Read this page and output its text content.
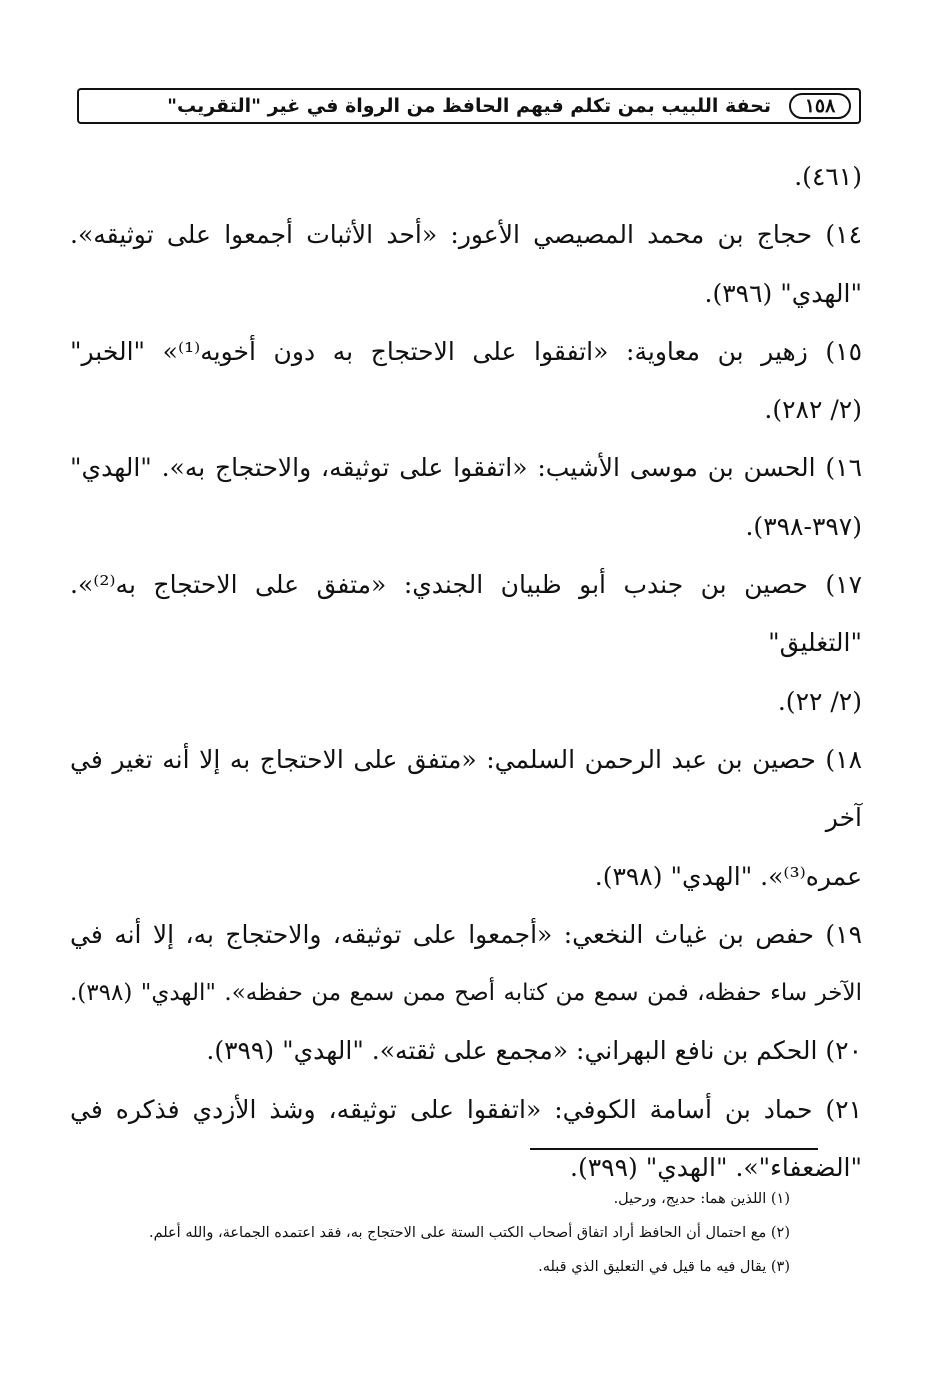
١٥٨
تحفة اللبيب بمن تكلم فيهم الحافظ من الرواة في غير "التقريب"
(٤٦١).
١٤) حجاج بن محمد المصيصي الأعور: «أحد الأثبات أجمعوا على توثيقه».
"الهدي" (٣٩٦).
١٥) زهير بن معاوية: «اتفقوا على الاحتجاج به دون أخويه⁽¹⁾» "الخبر"
(٢/ ٢٨٢).
١٦) الحسن بن موسى الأشيب: «اتفقوا على توثيقه، والاحتجاج به». "الهدي"
(٣٩٧-٣٩٨).
١٧) حصين بن جندب أبو ظبيان الجندي: «متفق على الاحتجاج به⁽²⁾». "التغليق"
(٢/ ٢٢).
١٨) حصين بن عبد الرحمن السلمي: «متفق على الاحتجاج به إلا أنه تغير في آخر
عمره⁽³⁾». "الهدي" (٣٩٨).
١٩) حفص بن غياث النخعي: «أجمعوا على توثيقه، والاحتجاج به، إلا أنه في
الآخر ساء حفظه، فمن سمع من كتابه أصح ممن سمع من حفظه». "الهدي" (٣٩٨).
٢٠) الحكم بن نافع البهراني: «مجمع على ثقته». "الهدي" (٣٩٩).
٢١) حماد بن أسامة الكوفي: «اتفقوا على توثيقه، وشذ الأزدي فذكره في
"الضعفاء"». "الهدي" (٣٩٩).
(١) اللذين هما: حديج، ورحيل.
(٢) مع احتمال أن الحافظ أراد اتفاق أصحاب الكتب الستة على الاحتجاج به، فقد اعتمده الجماعة، والله أعلم.
(٣) يقال فيه ما قيل في التعليق الذي قبله.
